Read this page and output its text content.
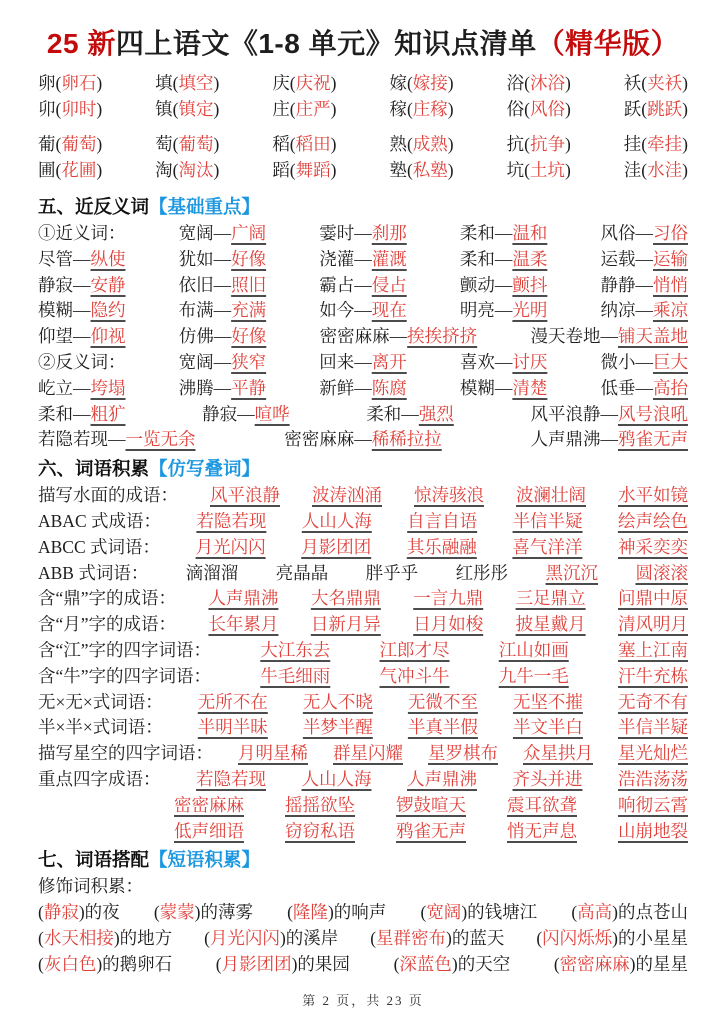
25 新四上语文《1-8 单元》知识点清单（精华版）
卵(卵石)	填(填空)	庆(庆祝)	嫁(嫁接)	浴(沐浴)	袄(夹袄)
卯(卯时)	镇(镇定)	庄(庄严)	稼(庄稼)	俗(风俗)	跃(跳跃)
葡(葡萄)	萄(葡萄)	稻(稻田)	熟(成熟)	抗(抗争)	挂(牵挂)
圃(花圃)	淘(淘汰)	蹈(舞蹈)	塾(私塾)	坑(土坑)	洼(水洼)
五、近反义词【基础重点】
①近义词：	宽阔—广阔	霎时—刹那	柔和—温和	风俗—习俗
尽管—纵使	犹如—好像	浇灌—灌溉	柔和—温柔	运载—运输
静寂—安静	依旧—照旧	霸占—侵占	颤动—颤抖	静静—悄悄
模糊—隐约	布满—充满	如今—现在	明亮—光明	纳凉—乘凉
仰望—仰视	仿佛—好像	密密麻麻—挨挨挤挤	漫天卷地—铺天盖地
②反义词：	宽阔—狭窄	回来—离开	喜欢—讨厌	微小—巨大
屹立—垮塌	沸腾—平静	新鲜—陈腐	模糊—清楚	低垂—高抬
柔和—粗犷	静寂—喧哗	柔和—强烈	风平浪静—风号浪吼
若隐若现—一览无余	密密麻麻—稀稀拉拉	人声鼎沸—鸦雀无声
六、词语积累【仿写叠词】
描写水面的成语： 风平浪静 波涛汹涌 惊涛骇浪 波澜壮阔 水平如镜
ABAC 式成语： 若隐若现 人山人海 自言自语 半信半疑 绘声绘色
ABCC 式词语： 月光闪闪 月影团团 其乐融融 喜气洋洋 神采奕奕
ABB 式词语： 滴溜溜 亮晶晶 胖乎乎 红彤彤 黑沉沉 圆滚滚
含“鼎”字的成语： 人声鼎沸 大名鼎鼎 一言九鼎 三足鼎立 问鼎中原
含“月”字的成语： 长年累月 日新月异 日月如梭 披星戴月 清风明月
含“江”字的四字词语：	大江东去	江郎才尽	江山如画	塞上江南
含“牛”字的四字词语：	牛毛细雨	气冲斗牛	九牛一毛	汗牛充栋
无×无×式词语： 无所不在 无人不晓 无微不至 无坚不摧 无奇不有
半×半×式词语： 半明半昧 半梦半醒 半真半假 半文半白 半信半疑
描写星空的四字词语： 月明星稀 群星闪耀 星罗棋布 众星拱月 星光灿烂
重点四字成语： 若隐若现 人山人海 人声鼎沸 齐头并进 浩浩荡荡
密密麻麻 摇摇欲坠 锣鼓喧天 震耳欲聋 响彻云霄
低声细语 窃窃私语 鸦雀无声 悄无声息 山崩地裂
七、词语搭配【短语积累】
修饰词积累：
(静寂)的夜 (蒙蒙)的薄雾 (隆隆)的响声 (宽阔)的钱塘江 (高高)的点苍山
(水天相接)的地方 (月光闪闪)的溪岸 (星群密布)的蓝天 (闪闪烁烁)的小星星
(灰白色)的鹅卵石 (月影团团)的果园 (深蓝色)的天空 (密密麻麻)的星星
第 2 页，共 23 页
